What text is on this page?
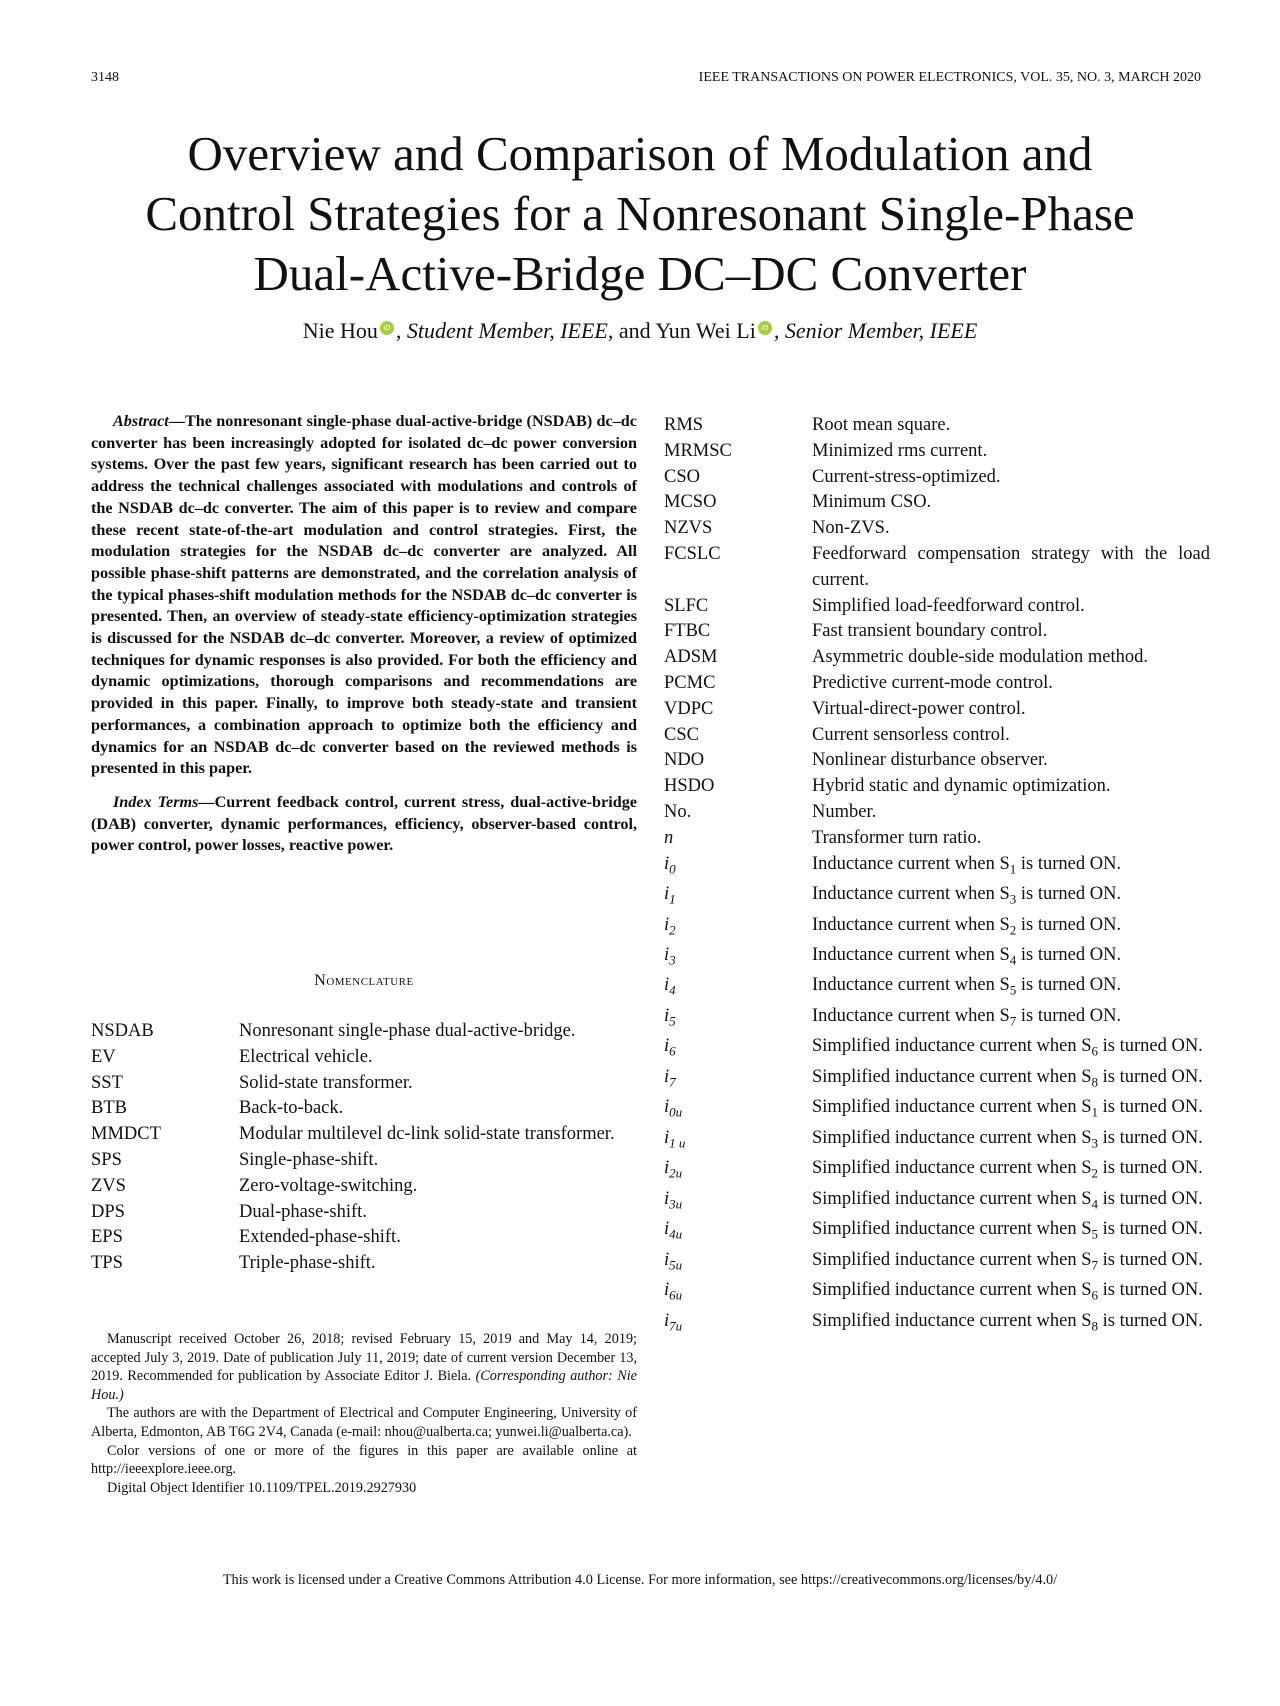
3148	IEEE TRANSACTIONS ON POWER ELECTRONICS, VOL. 35, NO. 3, MARCH 2020
Overview and Comparison of Modulation and
Control Strategies for a Nonresonant Single-Phase
Dual-Active-Bridge DC–DC Converter
Nie Hou iD , Student Member, IEEE, and Yun Wei Li iD , Senior Member, IEEE

Abstract—The nonresonant single-phase dual-active-bridge (NSDAB) dc–dc converter has been increasingly adopted for isolated dc–dc power conversion systems. Over the past few years, significant research has been carried out to address the technical challenges associated with modulations and controls of the NSDAB dc–dc converter. The aim of this paper is to review and compare these recent state-of-the-art modulation and control strategies. First, the modulation strategies for the NSDAB dc–dc converter are analyzed. All possible phase-shift patterns are demonstrated, and the correlation analysis of the typical phases-shift modulation methods for the NSDAB dc–dc converter is presented. Then, an overview of steady-state efficiency-optimization strategies is discussed for the NSDAB dc–dc converter. Moreover, a review of optimized techniques for dynamic responses is also provided. For both the efficiency and dynamic optimizations, thorough comparisons and recommendations are provided in this paper. Finally, to improve both steady-state and transient performances, a combination approach to optimize both the efficiency and dynamics for an NSDAB dc–dc converter based on the reviewed methods is presented in this paper.

Index Terms—Current feedback control, current stress, dual-active-bridge (DAB) converter, dynamic performances, efficiency, observer-based control, power control, power losses, reactive power.

Nomenclature
NSDAB	Nonresonant single-phase dual-active-bridge.
EV	Electrical vehicle.
SST	Solid-state transformer.
BTB	Back-to-back.
MMDCT	Modular multilevel dc-link solid-state transformer.
SPS	Single-phase-shift.
ZVS	Zero-voltage-switching.
DPS	Dual-phase-shift.
EPS	Extended-phase-shift.
TPS	Triple-phase-shift.
RMS	Root mean square.
MRMSC	Minimized rms current.
CSO	Current-stress-optimized.
MCSO	Minimum CSO.
NZVS	Non-ZVS.
FCSLC	Feedforward compensation strategy with the load current.
SLFC	Simplified load-feedforward control.
FTBC	Fast transient boundary control.
ADSM	Asymmetric double-side modulation method.
PCMC	Predictive current-mode control.
VDPC	Virtual-direct-power control.
CSC	Current sensorless control.
NDO	Nonlinear disturbance observer.
HSDO	Hybrid static and dynamic optimization.
No.	Number.
n	Transformer turn ratio.
$i_0$	Inductance current when $S_1$ is turned ON.
$i_1$	Inductance current when $S_3$ is turned ON.
$i_2$	Inductance current when $S_2$ is turned ON.
$i_3$	Inductance current when $S_4$ is turned ON.
$i_4$	Inductance current when $S_5$ is turned ON.
$i_5$	Inductance current when $S_7$ is turned ON.
$i_6$	Simplified inductance current when $S_6$ is turned ON.
$i_7$	Simplified inductance current when $S_8$ is turned ON.
$i_{0u}$	Simplified inductance current when $S_1$ is turned ON.
$i_{1 u}$	Simplified inductance current when $S_3$ is turned ON.
$i_{2u}$	Simplified inductance current when $S_2$ is turned ON.
$i_{3u}$	Simplified inductance current when $S_4$ is turned ON.
$i_{4u}$	Simplified inductance current when $S_5$ is turned ON.
$i_{5u}$	Simplified inductance current when $S_7$ is turned ON.
$i_{6u}$	Simplified inductance current when $S_6$ is turned ON.
$i_{7u}$	Simplified inductance current when $S_8$ is turned ON.

Manuscript received October 26, 2018; revised February 15, 2019 and May 14, 2019; accepted July 3, 2019. Date of publication July 11, 2019; date of current version December 13, 2019. Recommended for publication by Associate Editor J. Biela. (Corresponding author: Nie Hou.)

The authors are with the Department of Electrical and Computer Engineering, University of Alberta, Edmonton, AB T6G 2V4, Canada (e-mail: nhou@ualberta.ca; yunwei.li@ualberta.ca).

Color versions of one or more of the figures in this paper are available online at http://ieeexplore.ieee.org.

Digital Object Identifier 10.1109/TPEL.2019.2927930

This work is licensed under a Creative Commons Attribution 4.0 License. For more information, see https://creativecommons.org/licenses/by/4.0/
